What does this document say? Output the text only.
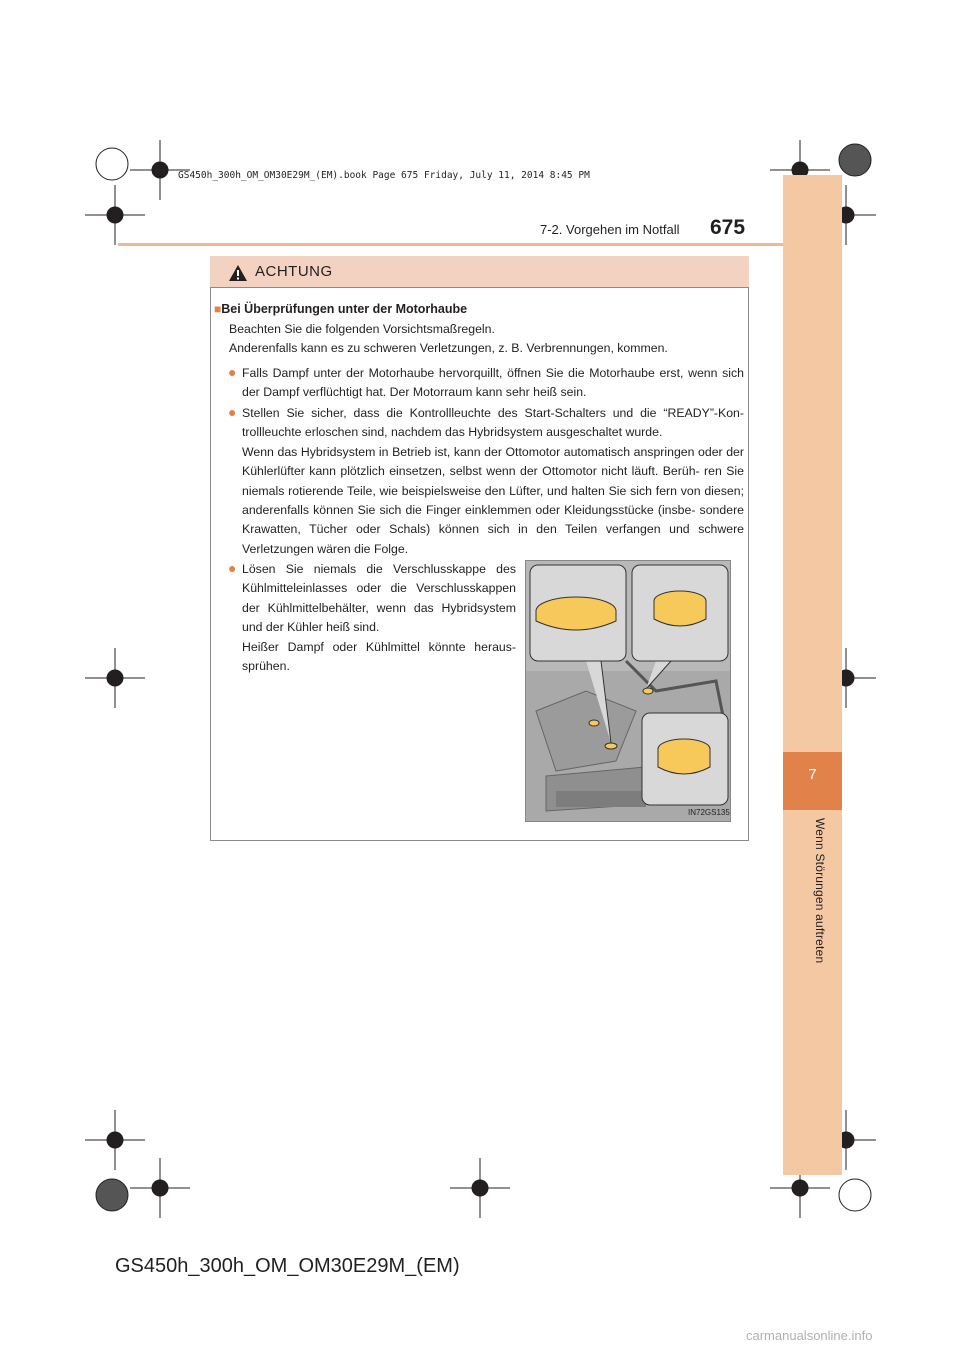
GS450h_300h_OM_OM30E29M_(EM).book Page 675 Friday, July 11, 2014 8:45 PM
7
Wenn Störungen auftreten
7-2. Vorgehen im Notfall 675
ACHTUNG
■Bei Überprüfungen unter der Motorhaube
Beachten Sie die folgenden Vorsichtsmaßregeln.
Anderenfalls kann es zu schweren Verletzungen, z. B. Verbrennungen, kommen.
● Falls Dampf unter der Motorhaube hervorquillt, öffnen Sie die Motorhaube erst, wenn sich der Dampf verflüchtigt hat. Der Motorraum kann sehr heiß sein.
● Stellen Sie sicher, dass die Kontrollleuchte des Start-Schalters und die “READY”-Kon- trollleuchte erloschen sind, nachdem das Hybridsystem ausgeschaltet wurde.
Wenn das Hybridsystem in Betrieb ist, kann der Ottomotor automatisch anspringen oder der Kühlerlüfter kann plötzlich einsetzen, selbst wenn der Ottomotor nicht läuft. Berüh- ren Sie niemals rotierende Teile, wie beispielsweise den Lüfter, und halten Sie sich fern von diesen; anderenfalls können Sie sich die Finger einklemmen oder Kleidungsstücke (insbe- sondere Krawatten, Tücher oder Schals) können sich in den Teilen verfangen und schwere Verletzungen wären die Folge.
● Lösen Sie niemals die Verschlusskappe des Kühlmitteleinlasses oder die Verschlusskappen der Kühlmittelbehälter, wenn das Hybridsystem und der Kühler heiß sind.
Heißer Dampf oder Kühlmittel könnte heraus- sprühen.
IN72GS135
GS450h_300h_OM_OM30E29M_(EM)
carmanualsonline.info
